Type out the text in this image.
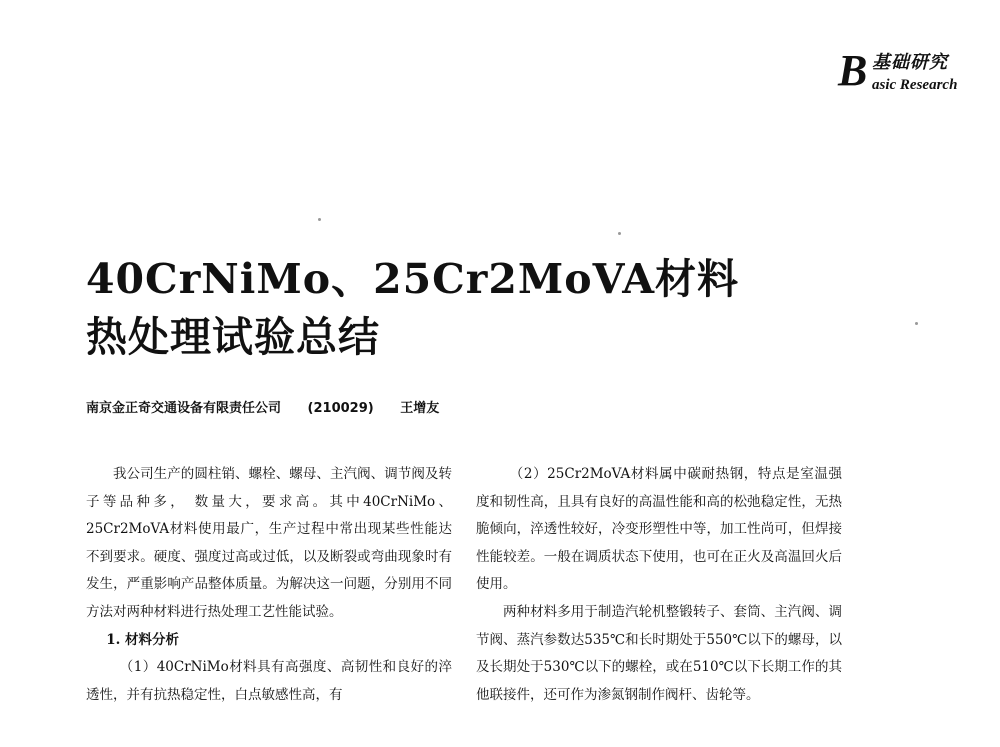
B 基础研究
asic Research
40CrNiMo、25Cr2MoVA材料
热处理试验总结
南京金正奇交通设备有限责任公司 (210029) 王增友

我公司生产的圆柱销、螺栓、螺母、主汽阀、调节阀及转子等品种多， 数量大，要求高。其中40CrNiMo、25Cr2MoVA材料使用最广，生产过程中常出现某些性能达不到要求。硬度、强度过高或过低，以及断裂或弯曲现象时有发生，严重影响产品整体质量。为解决这一问题，分别用不同方法对两种材料进行热处理工艺性能试验。

1. 材料分析

（1）40CrNiMo材料具有高强度、高韧性和良好的淬透性，并有抗热稳定性，白点敏感性高，有

（2）25Cr2MoVA材料属中碳耐热钢，特点是室温强度和韧性高，且具有良好的高温性能和高的松弛稳定性，无热脆倾向，淬透性较好，冷变形塑性中等，加工性尚可，但焊接性能较差。一般在调质状态下使用，也可在正火及高温回火后使用。

两种材料多用于制造汽轮机整锻转子、套筒、主汽阀、调节阀、蒸汽参数达535℃和长时期处于550℃以下的螺母，以及长期处于530℃以下的螺栓，或在510℃以下长期工作的其他联接件，还可作为渗氮钢制作阀杆、齿轮等。
